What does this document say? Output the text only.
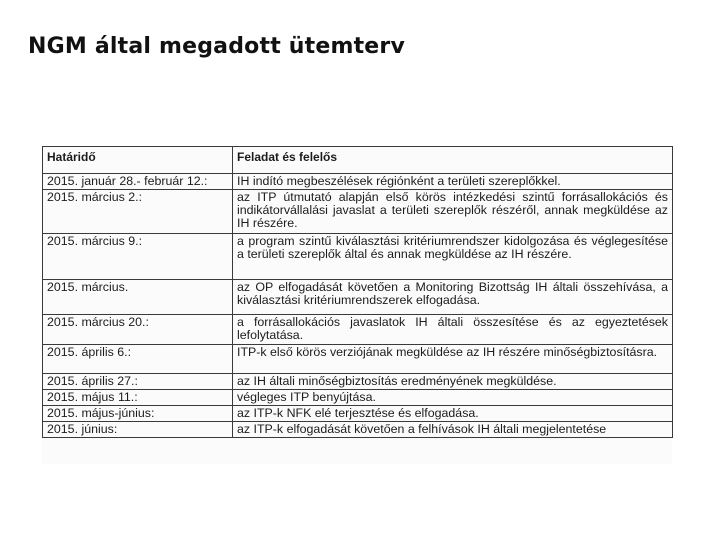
NGM által megadott ütemterv
Határidő	Feladat és felelős
2015. január 28.- február 12.:	IH indító megbeszélések régiónként a területi szereplőkkel.
2015. március 2.:	az ITP útmutató alapján első körös intézkedési szintű forrásallokációs és indikátorvállalási javaslat a területi szereplők részéről, annak megküldése az IH részére.
2015. március 9.:	a program szintű kiválasztási kritériumrendszer kidolgozása és véglegesítése a területi szereplők által és annak megküldése az IH részére.
2015. március.	az OP elfogadását követően a Monitoring Bizottság IH általi összehívása, a kiválasztási kritériumrendszerek elfogadása.
2015. március 20.:	a forrásallokációs javaslatok IH általi összesítése és az egyeztetések lefolytatása.
2015. április 6.:	ITP-k első körös verziójának megküldése az IH részére minőségbiztosításra.
2015. április 27.:	az IH általi minőségbiztosítás eredményének megküldése.
2015. május 11.:	végleges ITP benyújtása.
2015. május-június:	az ITP-k NFK elé terjesztése és elfogadása.
2015. június:	az ITP-k elfogadását követően a felhívások IH általi megjelentetése
